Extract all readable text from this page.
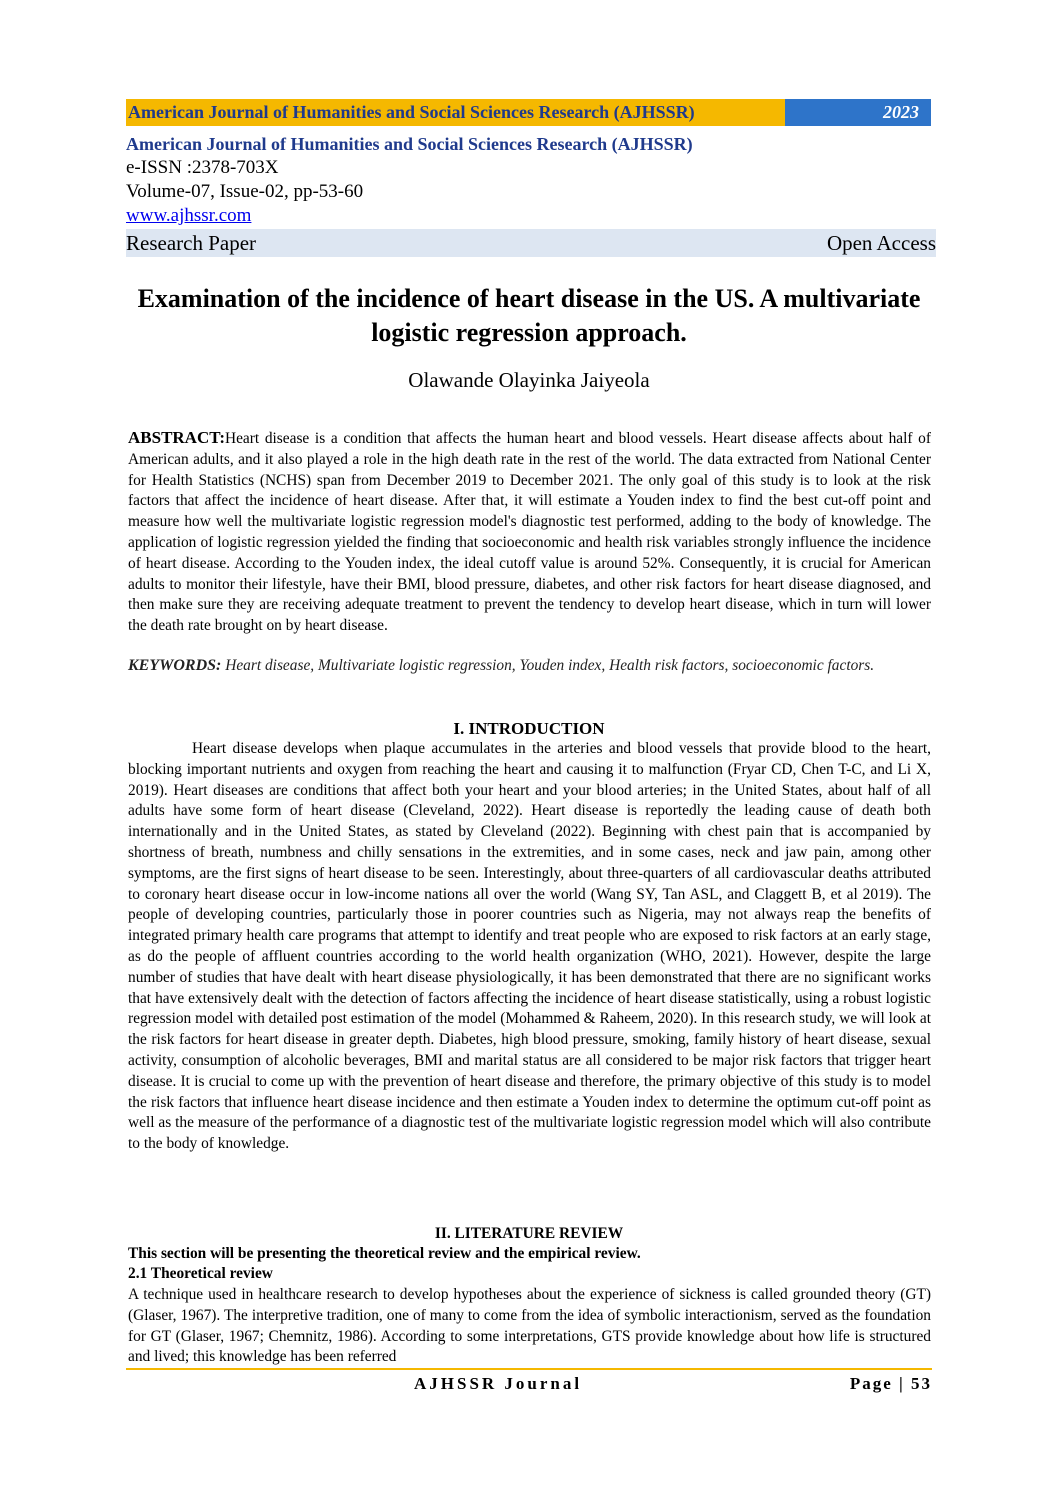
American Journal of Humanities and Social Sciences Research (AJHSSR)	2023
American Journal of Humanities and Social Sciences Research (AJHSSR)
e-ISSN :2378-703X
Volume-07, Issue-02, pp-53-60
www.ajhssr.com
Research Paper	Open Access
Examination of the incidence of heart disease in the US. A multivariate logistic regression approach.
Olawande Olayinka Jaiyeola
ABSTRACT:Heart disease is a condition that affects the human heart and blood vessels. Heart disease affects about half of American adults, and it also played a role in the high death rate in the rest of the world. The data extracted from National Center for Health Statistics (NCHS) span from December 2019 to December 2021. The only goal of this study is to look at the risk factors that affect the incidence of heart disease. After that, it will estimate a Youden index to find the best cut-off point and measure how well the multivariate logistic regression model's diagnostic test performed, adding to the body of knowledge. The application of logistic regression yielded the finding that socioeconomic and health risk variables strongly influence the incidence of heart disease. According to the Youden index, the ideal cutoff value is around 52%. Consequently, it is crucial for American adults to monitor their lifestyle, have their BMI, blood pressure, diabetes, and other risk factors for heart disease diagnosed, and then make sure they are receiving adequate treatment to prevent the tendency to develop heart disease, which in turn will lower the death rate brought on by heart disease.
KEYWORDS: Heart disease, Multivariate logistic regression, Youden index, Health risk factors, socioeconomic factors.
I. INTRODUCTION
Heart disease develops when plaque accumulates in the arteries and blood vessels that provide blood to the heart, blocking important nutrients and oxygen from reaching the heart and causing it to malfunction (Fryar CD, Chen T-C, and Li X, 2019). Heart diseases are conditions that affect both your heart and your blood arteries; in the United States, about half of all adults have some form of heart disease (Cleveland, 2022). Heart disease is reportedly the leading cause of death both internationally and in the United States, as stated by Cleveland (2022). Beginning with chest pain that is accompanied by shortness of breath, numbness and chilly sensations in the extremities, and in some cases, neck and jaw pain, among other symptoms, are the first signs of heart disease to be seen. Interestingly, about three-quarters of all cardiovascular deaths attributed to coronary heart disease occur in low-income nations all over the world (Wang SY, Tan ASL, and Claggett B, et al 2019). The people of developing countries, particularly those in poorer countries such as Nigeria, may not always reap the benefits of integrated primary health care programs that attempt to identify and treat people who are exposed to risk factors at an early stage, as do the people of affluent countries according to the world health organization (WHO, 2021). However, despite the large number of studies that have dealt with heart disease physiologically, it has been demonstrated that there are no significant works that have extensively dealt with the detection of factors affecting the incidence of heart disease statistically, using a robust logistic regression model with detailed post estimation of the model (Mohammed & Raheem, 2020). In this research study, we will look at the risk factors for heart disease in greater depth. Diabetes, high blood pressure, smoking, family history of heart disease, sexual activity, consumption of alcoholic beverages, BMI and marital status are all considered to be major risk factors that trigger heart disease. It is crucial to come up with the prevention of heart disease and therefore, the primary objective of this study is to model the risk factors that influence heart disease incidence and then estimate a Youden index to determine the optimum cut-off point as well as the measure of the performance of a diagnostic test of the multivariate logistic regression model which will also contribute to the body of knowledge.
II. LITERATURE REVIEW
This section will be presenting the theoretical review and the empirical review.
2.1 Theoretical review
A technique used in healthcare research to develop hypotheses about the experience of sickness is called grounded theory (GT) (Glaser, 1967). The interpretive tradition, one of many to come from the idea of symbolic interactionism, served as the foundation for GT (Glaser, 1967; Chemnitz, 1986). According to some interpretations, GTS provide knowledge about how life is structured and lived; this knowledge has been referred
AJHSSR Journal	Page | 53
